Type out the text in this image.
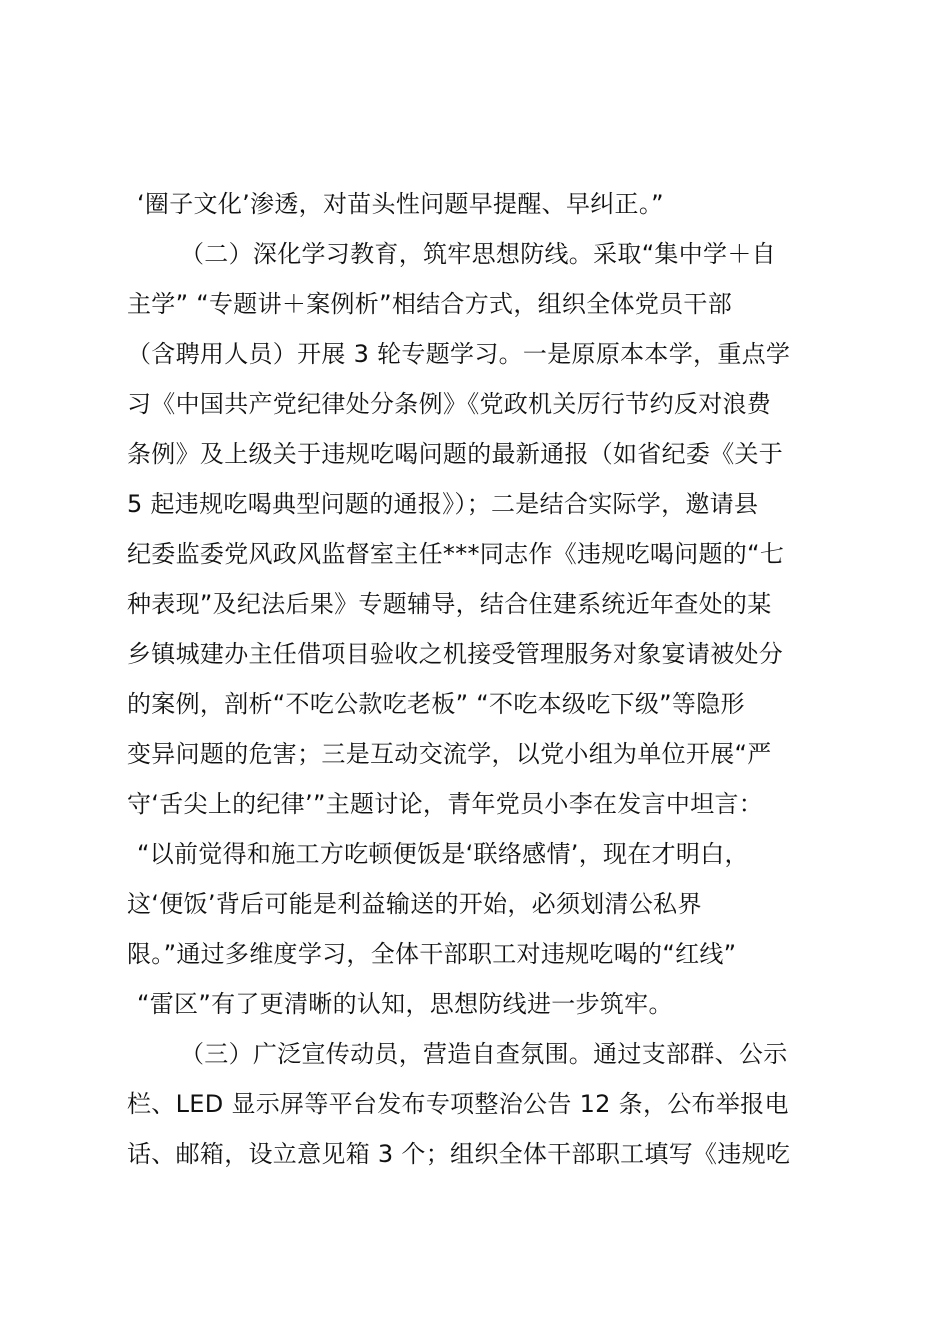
‘圈子文化’渗透，对苗头性问题早提醒、早纠正。”
（二）深化学习教育，筑牢思想防线。采取“集中学＋自
主学” “专题讲＋案例析”相结合方式，组织全体党员干部
（含聘用人员）开展 3 轮专题学习。一是原原本本学，重点学
习《中国共产党纪律处分条例》《党政机关厉行节约反对浪费
条例》及上级关于违规吃喝问题的最新通报（如省纪委《关于
5 起违规吃喝典型问题的通报》）；二是结合实际学，邀请县
纪委监委党风政风监督室主任***同志作《违规吃喝问题的“七
种表现”及纪法后果》专题辅导，结合住建系统近年查处的某
乡镇城建办主任借项目验收之机接受管理服务对象宴请被处分
的案例，剖析“不吃公款吃老板” “不吃本级吃下级”等隐形
变异问题的危害；三是互动交流学，以党小组为单位开展“严
守‘舌尖上的纪律’”主题讨论，青年党员小李在发言中坦言：
“以前觉得和施工方吃顿便饭是‘联络感情’，现在才明白，
这‘便饭’背后可能是利益输送的开始，必须划清公私界
限。”通过多维度学习，全体干部职工对违规吃喝的“红线”
“雷区”有了更清晰的认知，思想防线进一步筑牢。
（三）广泛宣传动员，营造自查氛围。通过支部群、公示
栏、LED 显示屏等平台发布专项整治公告 12 条，公布举报电
话、邮箱，设立意见箱 3 个；组织全体干部职工填写《违规吃
